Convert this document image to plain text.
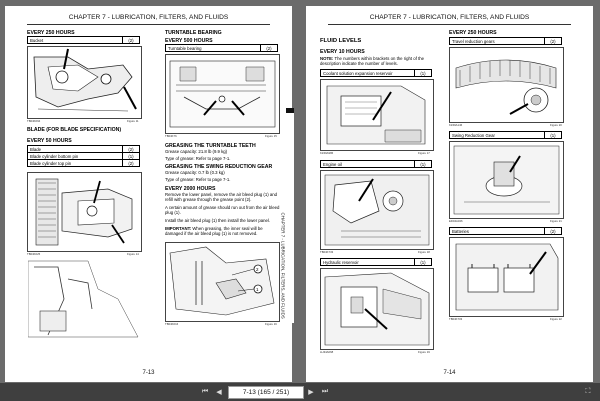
CHAPTER 7 - LUBRICATION, FILTERS, AND FLUIDS
EVERY 250 HOURS
Bucket	(2)
TB04K094	Figure 11
BLADE (FOR BLADE SPECIFICATION)
EVERY 50 HOURS
Blade	(2)
Blade cylinder bottom pin	(1)
Blade cylinder top pin	(2)
TB04K025	Figure 14
TURNTABLE BEARING
EVERY 500 HOURS
Turntable bearing	(2)
TB04K76	Figure 15
GREASING THE TURNTABLE TEETH
Grease capacity: 21.8 lb (9.9 kg)
Type of grease: Refer to page 7-1.
GREASING THE SWING REDUCTION GEAR
Grease capacity: 0.7 lb (0.3 kg)
Type of grease: Refer to page 7-1.
EVERY 2000 HOURS
Remove the lower panel, remove the air bleed plug (1) and refill with grease through the grease point (2).
A certain amount of grease should run out from the air bleed plug (1).
Install the air bleed plug (1) then install the lower panel.
IMPORTANT: When greasing, the inner seal will be damaged if the air bleed plug (1) is not removed.
2
1
TB04K016	Figure 16
7-13
CHAPTER 7 - LUBRICATION, FILTERS, AND FLUIDS
FLUID LEVELS
EVERY 10 HOURS
NOTE: The numbers within brackets on the right of the description indicate the number of levels.
Coolant solution expansion reservoir	(1)
KZ49A986	Figure 17
Engine oil	(1)
TB04K733	Figure 18
Hydraulic reservoir	(1)
LH34A068	Figure 19
EVERY 250 HOURS
Travel reduction gears	(2)
KZ49A146	Figure 20
Swing Reduction Gear	(1)
ED04A346	Figure 21
Batteries	(2)
TB04K703	Figure 22
7-14
⏮	◀	7-13 (165 / 251)	▶	⏭	⛶
